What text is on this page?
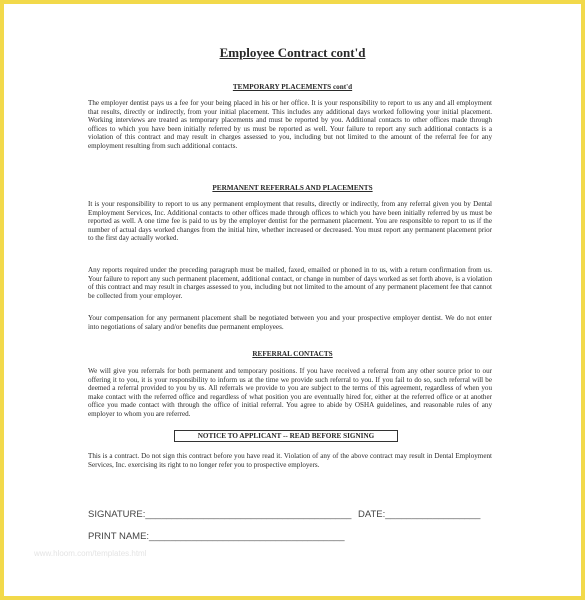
Employee Contract cont'd
TEMPORARY PLACEMENTS cont'd
The employer dentist pays us a fee for your being placed in his or her office. It is your responsibility to report to us any and all employment that results, directly or indirectly, from your initial placement. This includes any additional days worked following your initial placement. Working interviews are treated as temporary placements and must be reported by you. Additional contacts to other offices made through offices to which you have been initially referred by us must be reported as well. Your failure to report any such additional contacts is a violation of this contract and may result in charges assessed to you, including but not limited to the amount of the referral fee for any employment resulting from such additional contacts.
PERMANENT REFERRALS AND PLACEMENTS
It is your responsibility to report to us any permanent employment that results, directly or indirectly, from any referral given you by Dental Employment Services, Inc. Additional contacts to other offices made through offices to which you have been initially referred by us must be reported as well. A one time fee is paid to us by the employer dentist for the permanent placement. You are responsible to report to us if the number of actual days worked changes from the initial hire, whether increased or decreased. You must report any permanent placement prior to the first day actually worked.
Any reports required under the preceding paragraph must be mailed, faxed, emailed or phoned in to us, with a return confirmation from us. Your failure to report any such permanent placement, additional contact, or change in number of days worked as set forth above, is a violation of this contract and may result in charges assessed to you, including but not limited to the amount of any permanent placement fee that cannot be collected from your employer.
Your compensation for any permanent placement shall be negotiated between you and your prospective employer dentist. We do not enter into negotiations of salary and/or benefits due permanent employees.
REFERRAL CONTACTS
We will give you referrals for both permanent and temporary positions. If you have received a referral from any other source prior to our offering it to you, it is your responsibility to inform us at the time we provide such referral to you. If you fail to do so, such referral will be deemed a referral provided to you by us. All referrals we provide to you are subject to the terms of this agreement, regardless of when you make contact with the referred office and regardless of what position you are eventually hired for, either at the referred office or at another office you made contact with through the office of initial referral. You agree to abide by OSHA guidelines, and reasonable rules of any employer to whom you are referred.
NOTICE TO APPLICANT -- READ BEFORE SIGNING
This is a contract. Do not sign this contract before you have read it. Violation of any of the above contract may result in Dental Employment Services, Inc. exercising its right to no longer refer you to prospective employers.
SIGNATURE:_______________________________________ DATE:__________________
PRINT NAME:_____________________________________
www.hloom.com/templates.html
